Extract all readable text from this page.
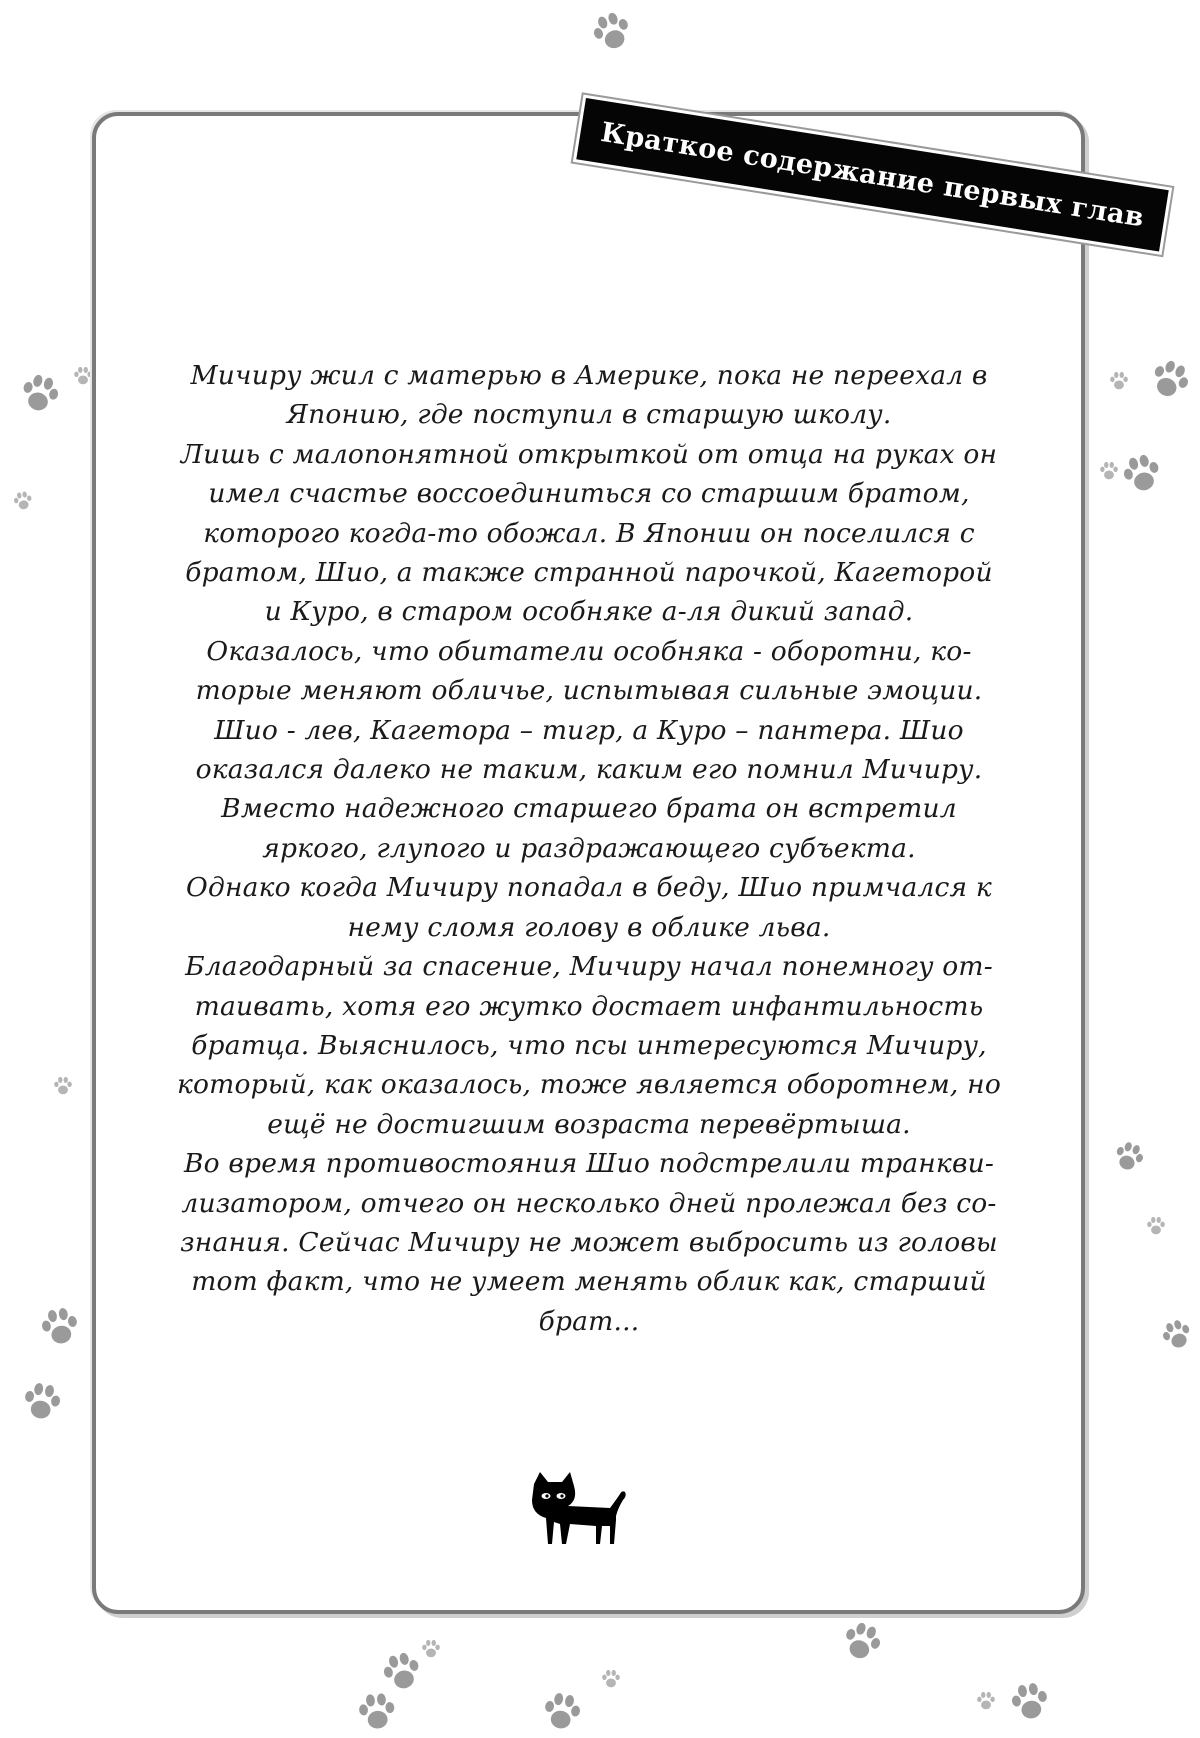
Краткое содержание первых глав
Мичиру жил с матерью в Америке, пока не переехал в
Японию, где поступил в старшую школу.
Лишь с малопонятной открыткой от отца на руках он
имел счастье воссоединиться со старшим братом,
которого когда-то обожал. В Японии он поселился с
братом, Шио, а также странной парочкой, Кагеторой
и Куро, в старом особняке а-ля дикий запад.
Оказалось, что обитатели особняка - оборотни, ко-
торые меняют обличье, испытывая сильные эмоции.
Шио - лев, Кагетора – тигр, а Куро – пантера. Шио
оказался далеко не таким, каким его помнил Мичиру.
Вместо надежного старшего брата он встретил
яркого, глупого и раздражающего субъекта.
Однако когда Мичиру попадал в беду, Шио примчался к
нему сломя голову в облике льва.
Благодарный за спасение, Мичиру начал понемногу от-
таивать, хотя его жутко достает инфантильность
братца. Выяснилось, что псы интересуются Мичиру,
который, как оказалось, тоже является оборотнем, но
ещё не достигшим возраста перевёртыша.
Во время противостояния Шио подстрелили транкви-
лизатором, отчего он несколько дней пролежал без со-
знания. Сейчас Мичиру не может выбросить из головы
тот факт, что не умеет менять облик как, старший
брат...
